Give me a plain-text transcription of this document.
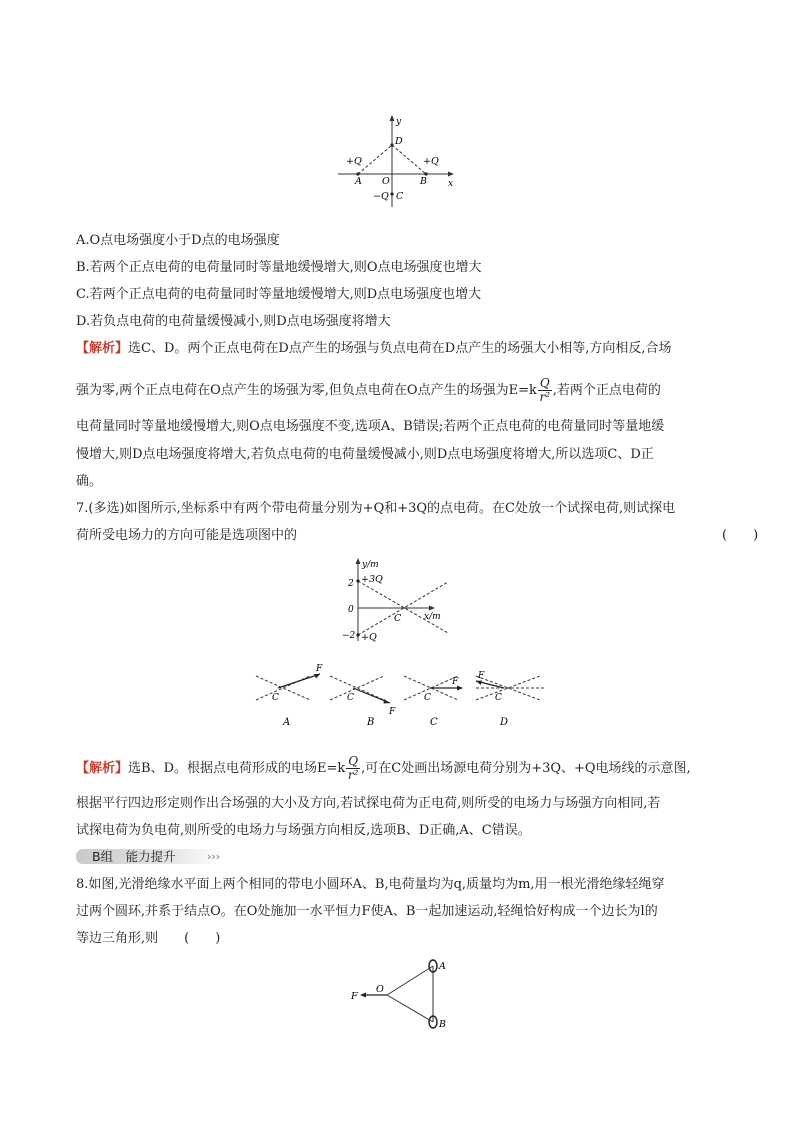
y
x
D
+Q	+Q
A O	B
−Q C
A.O点电场强度小于D点的电场强度
B.若两个正点电荷的电荷量同时等量地缓慢增大,则O点电场强度也增大
C.若两个正点电荷的电荷量同时等量地缓慢增大,则D点电场强度也增大
D.若负点电荷的电荷量缓慢减小,则D点电场强度将增大
【解析】选C、D。两个正点电荷在D点产生的场强与负点电荷在D点产生的场强大小相等,方向相反,合场
强为零,两个正点电荷在O点产生的场强为零,但负点电荷在O点产生的场强为$E=k \frac{Q}{\text{r²}}$ ,若两个正点电荷的
电荷量同时等量地缓慢增大,则O点电场强度不变,选项A、B错误;若两个正点电荷的电荷量同时等量地缓
慢增大,则D点电场强度将增大,若负点电荷的电荷量缓慢减小,则D点电场强度将增大,所以选项C、D正
确。
7.(多选)如图所示,坐标系中有两个带电荷量分别为+Q和+3Q的点电荷。在C处放一个试探电荷,则试探电
荷所受电场力的方向可能是选项图中的	(　　)
y/m
x/m
2
0
−2
+3Q
+Q
C
F
C
A
F
C
B
F
C
C
F
C
D
【解析】选B、D。根据点电荷形成的电场$E=k \frac{Q}{\text{r²}}$ ,可在C处画出场源电荷分别为+3Q、+Q电场线的示意图,
根据平行四边形定则作出合场强的大小及方向,若试探电荷为正电荷,则所受的电场力与场强方向相同,若
试探电荷为负电荷,则所受的电场力与场强方向相反,选项B、D正确,A、C错误。
B组　能力提升	›››
8.如图,光滑绝缘水平面上两个相同的带电小圆环A、B,电荷量均为q,质量均为m,用一根光滑绝缘轻绳穿
过两个圆环,并系于结点O。在O处施加一水平恒力F使A、B一起加速运动,轻绳恰好构成一个边长为l的
等边三角形,则　　(　　)
F
O
A
B
